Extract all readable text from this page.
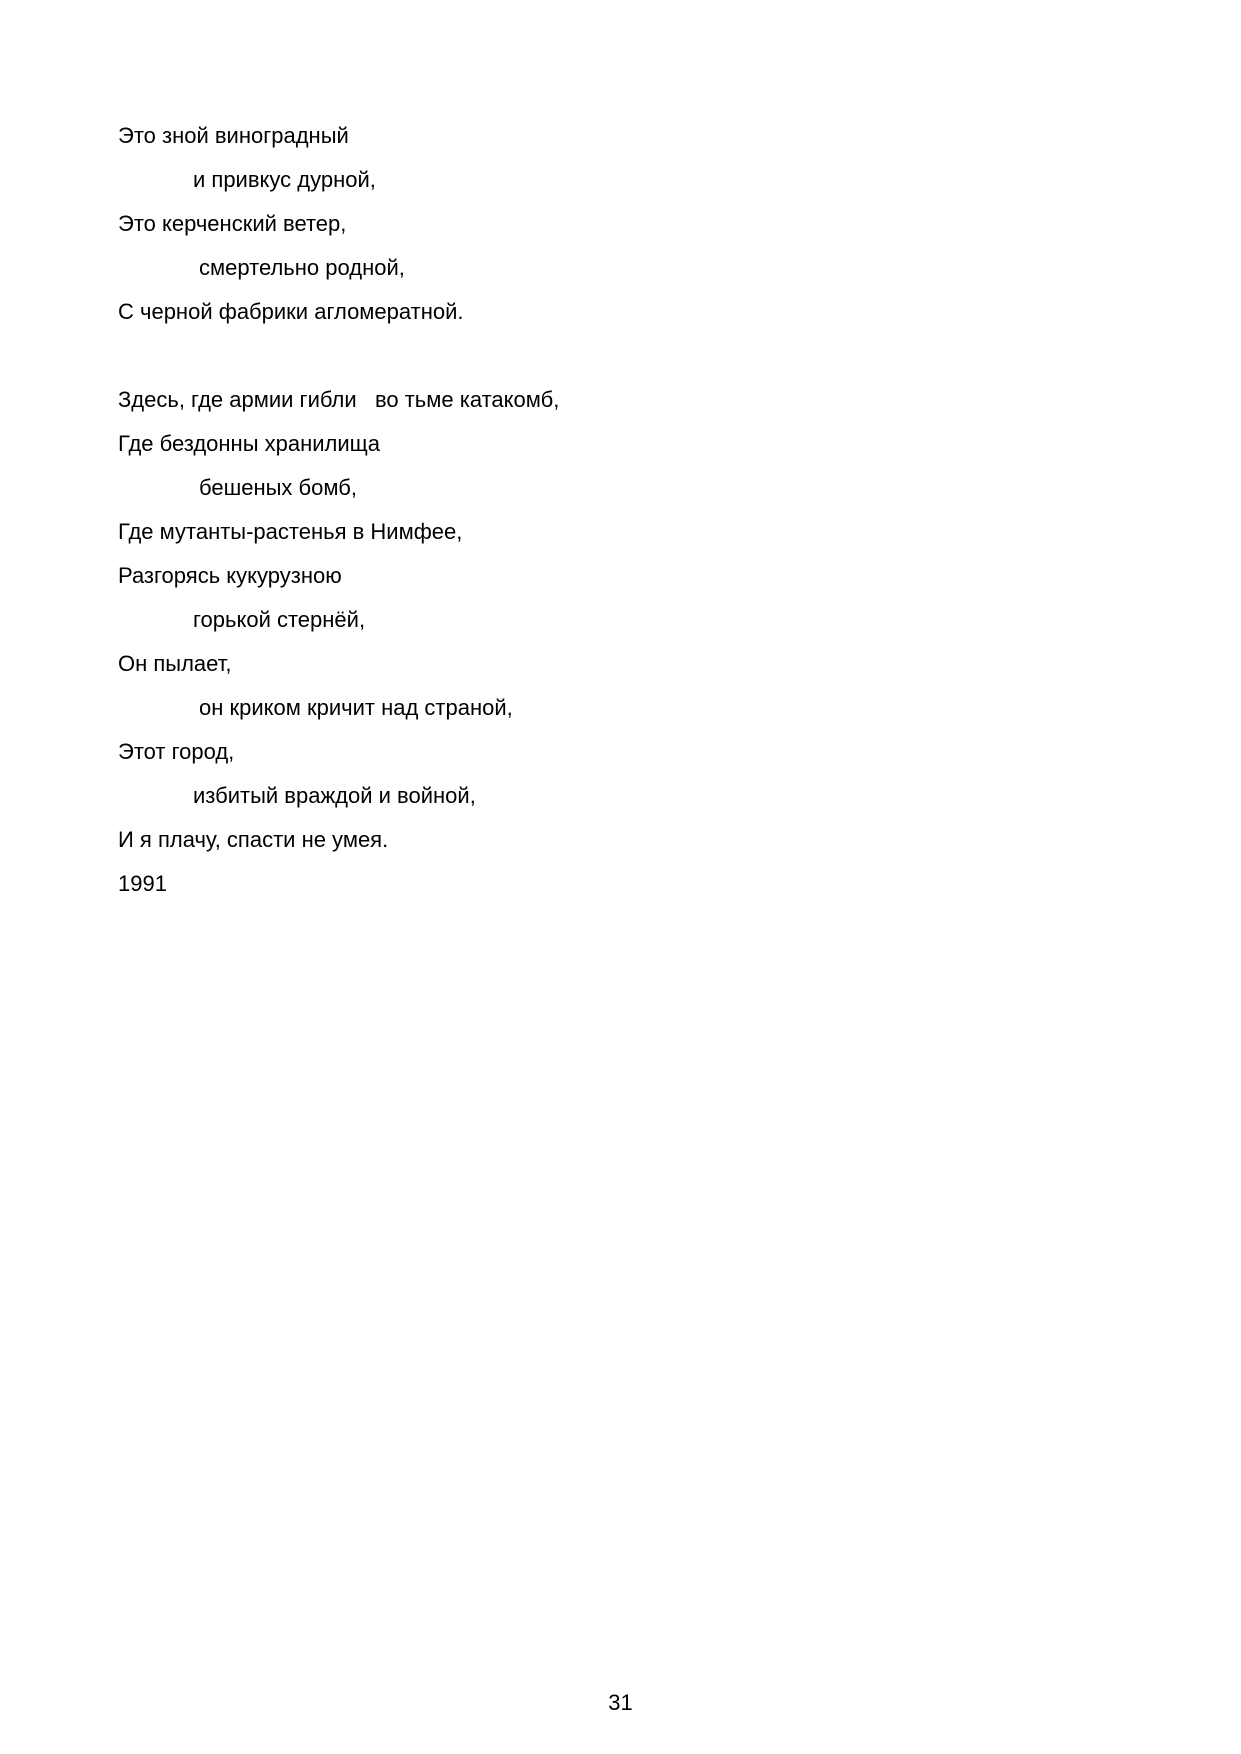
Это зной виноградный
и привкус дурной,
Это керченский ветер,
смертельно родной,
С черной фабрики агломератной.
Здесь, где армии гибли   во тьме катакомб,
Где бездонны хранилища
бешеных бомб,
Где мутанты-растенья в Нимфее,
Разгорясь кукурузною
горькой стернёй,
Он пылает,
он криком кричит над страной,
Этот город,
избитый враждой и войной,
И я плачу, спасти не умея.
1991
31
